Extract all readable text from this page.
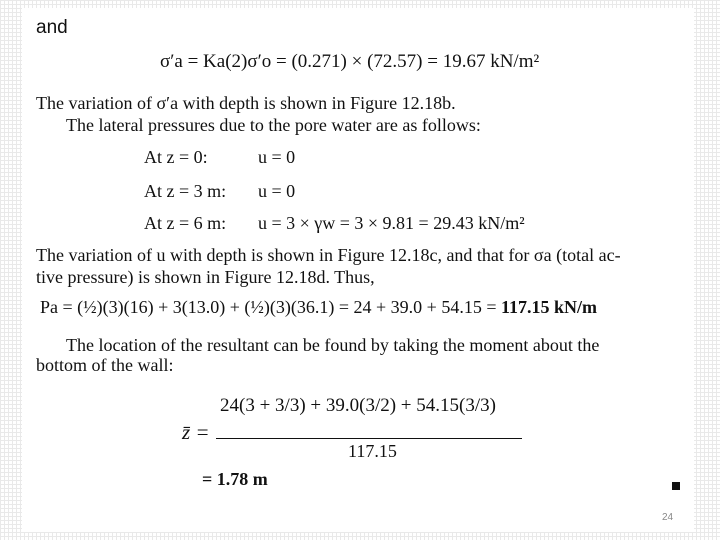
and
σ′a = Ka(2)σ′o = (0.271) × (72.57) = 19.67 kN/m²
The variation of σ′a with depth is shown in Figure 12.18b.
The lateral pressures due to the pore water are as follows:
At z = 0:	u = 0
At z = 3 m: u = 0
At z = 6 m: u = 3 × γw = 3 × 9.81 = 29.43 kN/m²
The variation of u with depth is shown in Figure 12.18c, and that for σa (total ac-
tive pressure) is shown in Figure 12.18d. Thus,
Pa = (½)(3)(16) + 3(13.0) + (½)(3)(36.1) = 24 + 39.0 + 54.15 = 117.15 kN/m
The location of the resultant can be found by taking the moment about the
bottom of the wall:
z̄ =
24(3 + 3/3) + 39.0(3/2) + 54.15(3/3)
117.15
= 1.78 m
24
